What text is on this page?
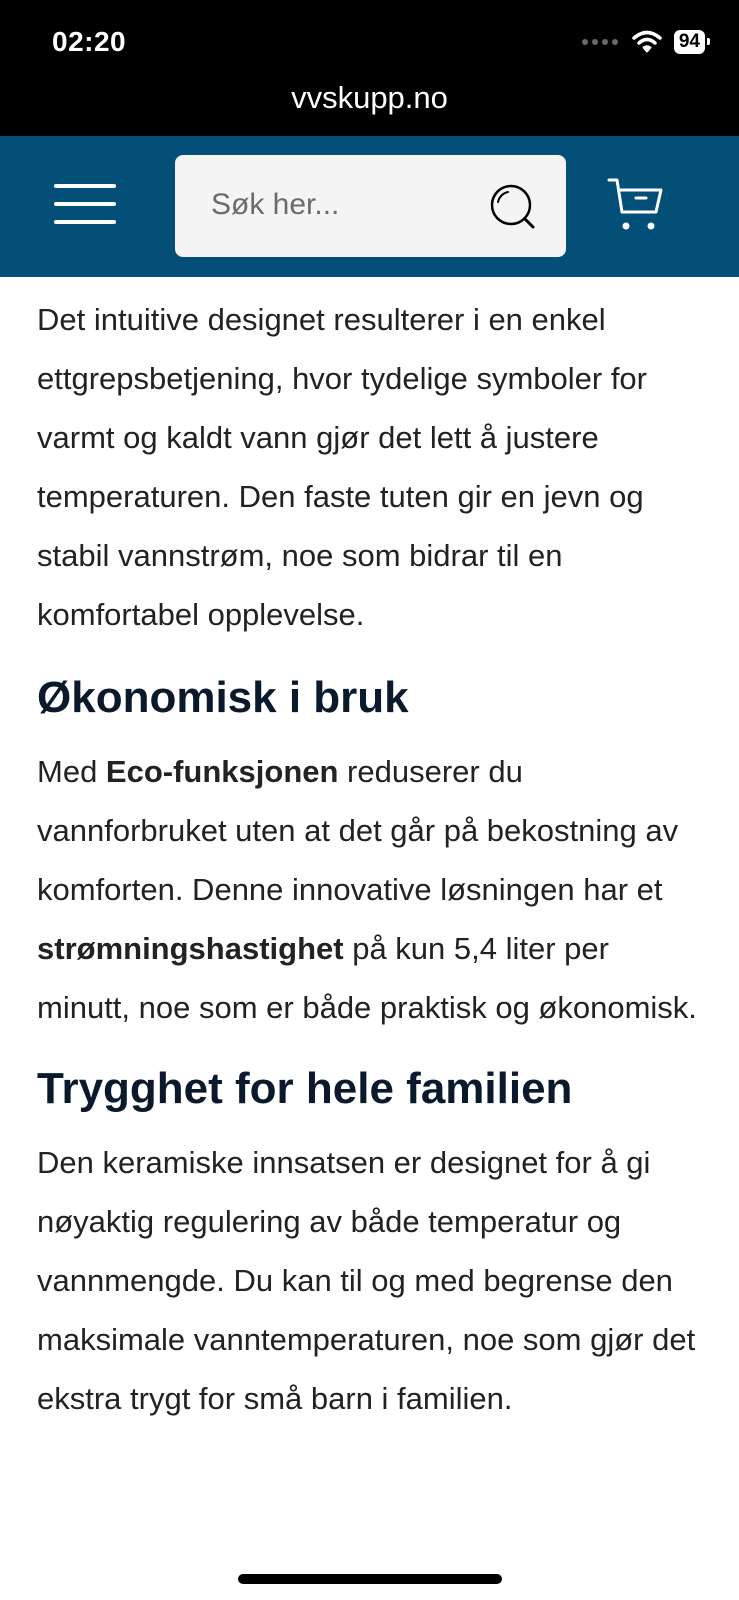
02:20	94
vvskupp.no
Søk her...

Det intuitive designet resulterer i en enkel ettgrepsbetjening, hvor tydelige symboler for varmt og kaldt vann gjør det lett å justere temperaturen. Den faste tuten gir en jevn og stabil vannstrøm, noe som bidrar til en komfortabel opplevelse.

Økonomisk i bruk

Med Eco-funksjonen reduserer du vannforbruket uten at det går på bekostning av komforten. Denne innovative løsningen har et strømningshastighet på kun 5,4 liter per minutt, noe som er både praktisk og økonomisk.

Trygghet for hele familien

Den keramiske innsatsen er designet for å gi nøyaktig regulering av både temperatur og vannmengde. Du kan til og med begrense den maksimale vanntemperaturen, noe som gjør det ekstra trygt for små barn i familien.
